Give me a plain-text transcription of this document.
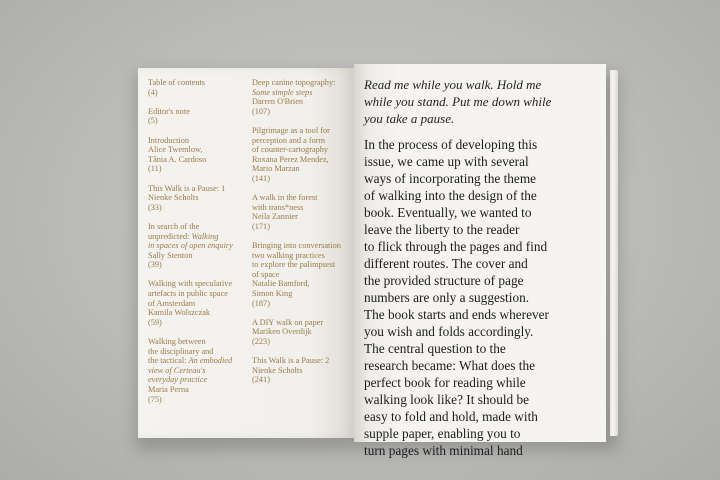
Table of contents
(4)
Editor's note
(5)
Introduction
Alice Twemlow,
Tânia A. Cardoso
(11)
This Walk is a Pause: 1
Nienke Scholts
(33)
In search of the
unpredicted: Walking
in spaces of open enquiry
Sally Stenton
(39)
Walking with speculative
artefacts in public space
of Amsterdam
Kamila Wolszczak
(59)
Walking between
the disciplinary and
the tactical: An embodied
view of Certeau's
everyday practice
Maria Perna
(75)
Deep canine topography:
Some simple steps
Darren O'Brien
(107)
Pilgrimage as a tool for
perception and a form
of counter-cartography
Roxana Perez Mendez,
Mario Marzan
(141)
A walk in the forest
with trans*ness
Neila Zannier
(171)
Bringing into conversation
two walking practices
to explore the palimpsest
of space
Natalie Bamford,
Simon King
(187)
A DIY walk on paper
Mariken Overdijk
(223)
This Walk is a Pause: 2
Nienke Scholts
(241)
Read me while you walk. Hold me
while you stand. Put me down while
you take a pause.
In the process of developing this
issue, we came up with several
ways of incorporating the theme
of walking into the design of the
book. Eventually, we wanted to
leave the liberty to the reader
to flick through the pages and find
different routes. The cover and
the provided structure of page
numbers are only a suggestion.
The book starts and ends wherever
you wish and folds accordingly.
The central question to the
research became: What does the
perfect book for reading while
walking look like? It should be
easy to fold and hold, made with
supple paper, enabling you to
turn pages with minimal hand
